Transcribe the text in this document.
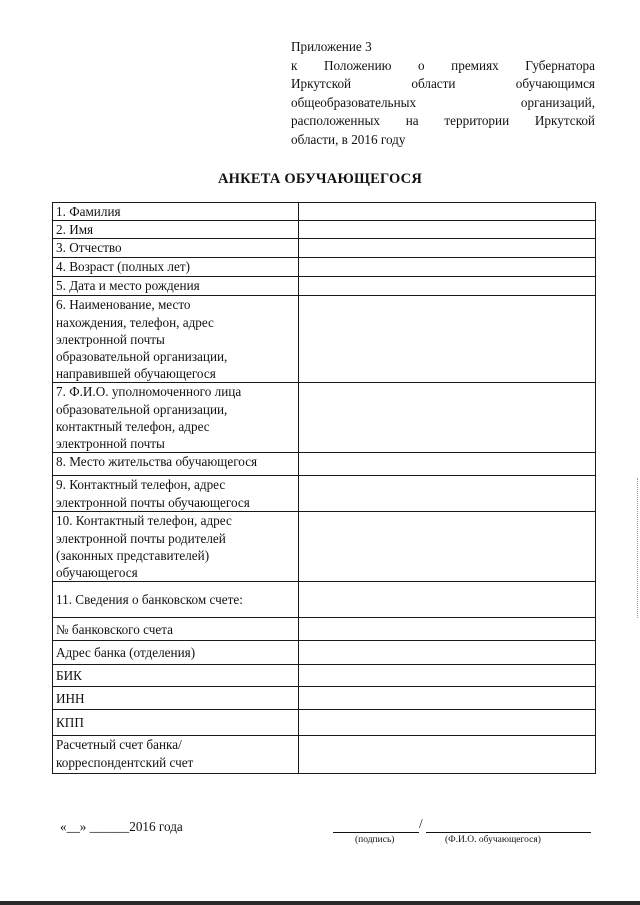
Приложение 3
к Положению о премиях Губернатора
Иркутской области обучающимся
общеобразовательных организаций,
расположенных на территории Иркутской
области, в 2016 году
АНКЕТА ОБУЧАЮЩЕГОСЯ
1. Фамилия	

2. Имя	

3. Отчество	

4. Возраст (полных лет)	

5. Дата и место рождения	

6. Наименование, место
нахождения, телефон, адрес
электронной почты
образовательной организации,
направившей обучающегося	

7. Ф.И.О. уполномоченного лица
образовательной организации,
контактный телефон, адрес
электронной почты	

8. Место жительства обучающегося	

9. Контактный телефон, адрес
электронной почты обучающегося	

10. Контактный телефон, адрес
электронной почты родителей
(законных представителей)
обучающегося	

11. Сведения о банковском счете:	

№ банковского счета	

Адрес банка (отделения)	

БИК	

ИНН	

КПП	

Расчетный счет банка/
корреспондентский счет	

«__» ______2016 года	/
(подпись)	(Ф.И.О. обучающегося)
